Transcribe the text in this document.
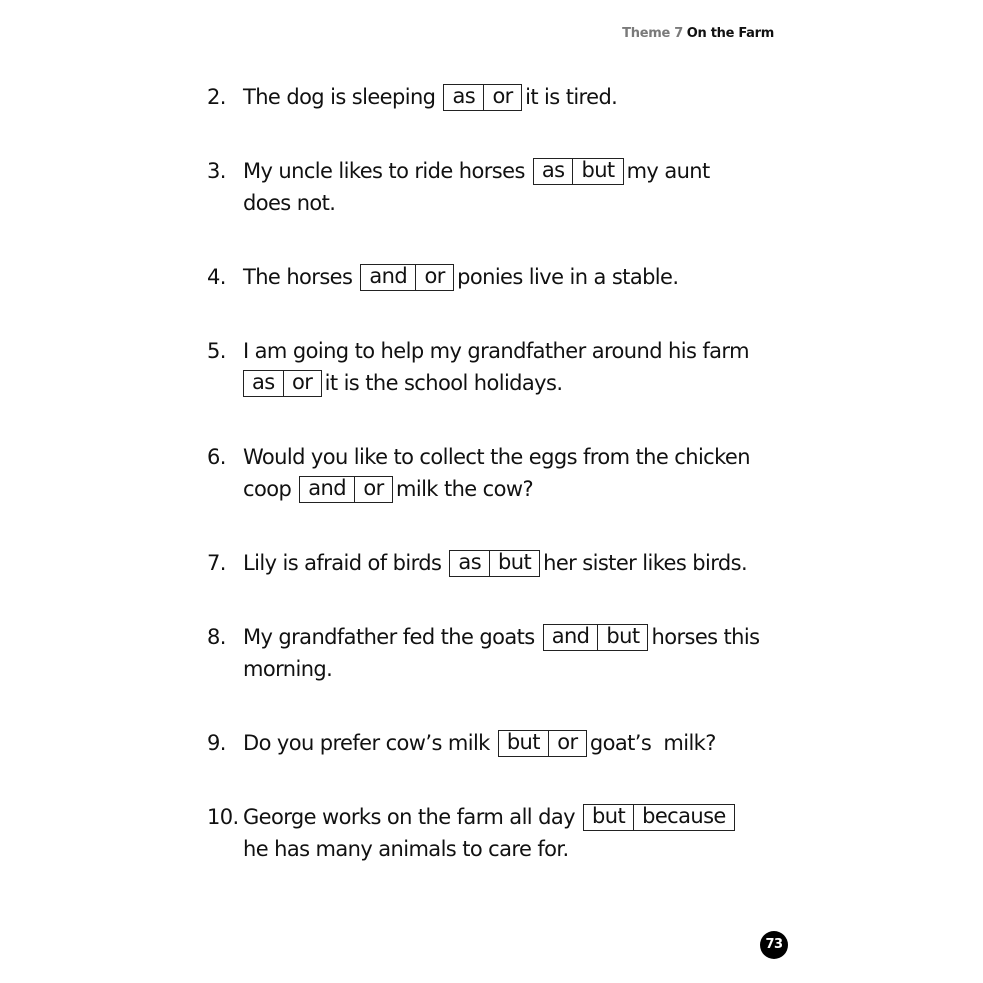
Theme 7 On the Farm
2. The dog is sleeping as or it is tired.
3. My uncle likes to ride horses as but my aunt
does not.
4. The horses and or ponies live in a stable.
5. I am going to help my grandfather around his farm
as or it is the school holidays.
6. Would you like to collect the eggs from the chicken
coop and or milk the cow?
7. Lily is afraid of birds as but her sister likes birds.
8. My grandfather fed the goats and but horses this
morning.
9. Do you prefer cow’s milk but or goat’s  milk?
10. George works on the farm all day but because
he has many animals to care for.
73
